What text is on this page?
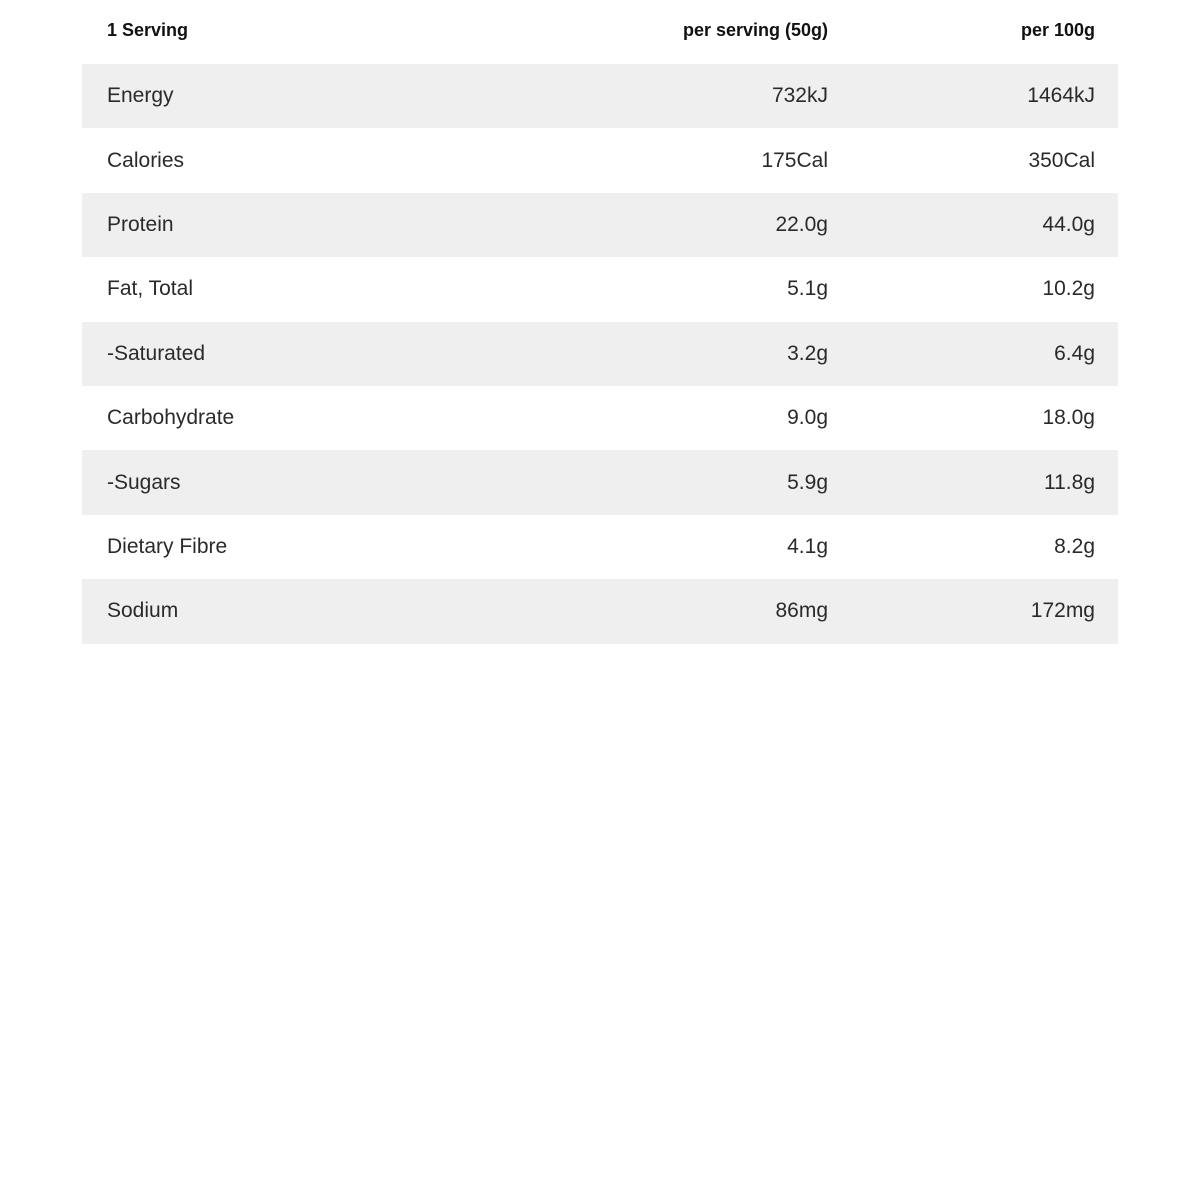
1 Serving	per serving (50g)	per 100g
Energy	732kJ	1464kJ
Calories	175Cal	350Cal
Protein	22.0g	44.0g
Fat, Total	5.1g	10.2g
-Saturated	3.2g	6.4g
Carbohydrate	9.0g	18.0g
-Sugars	5.9g	11.8g
Dietary Fibre	4.1g	8.2g
Sodium	86mg	172mg
